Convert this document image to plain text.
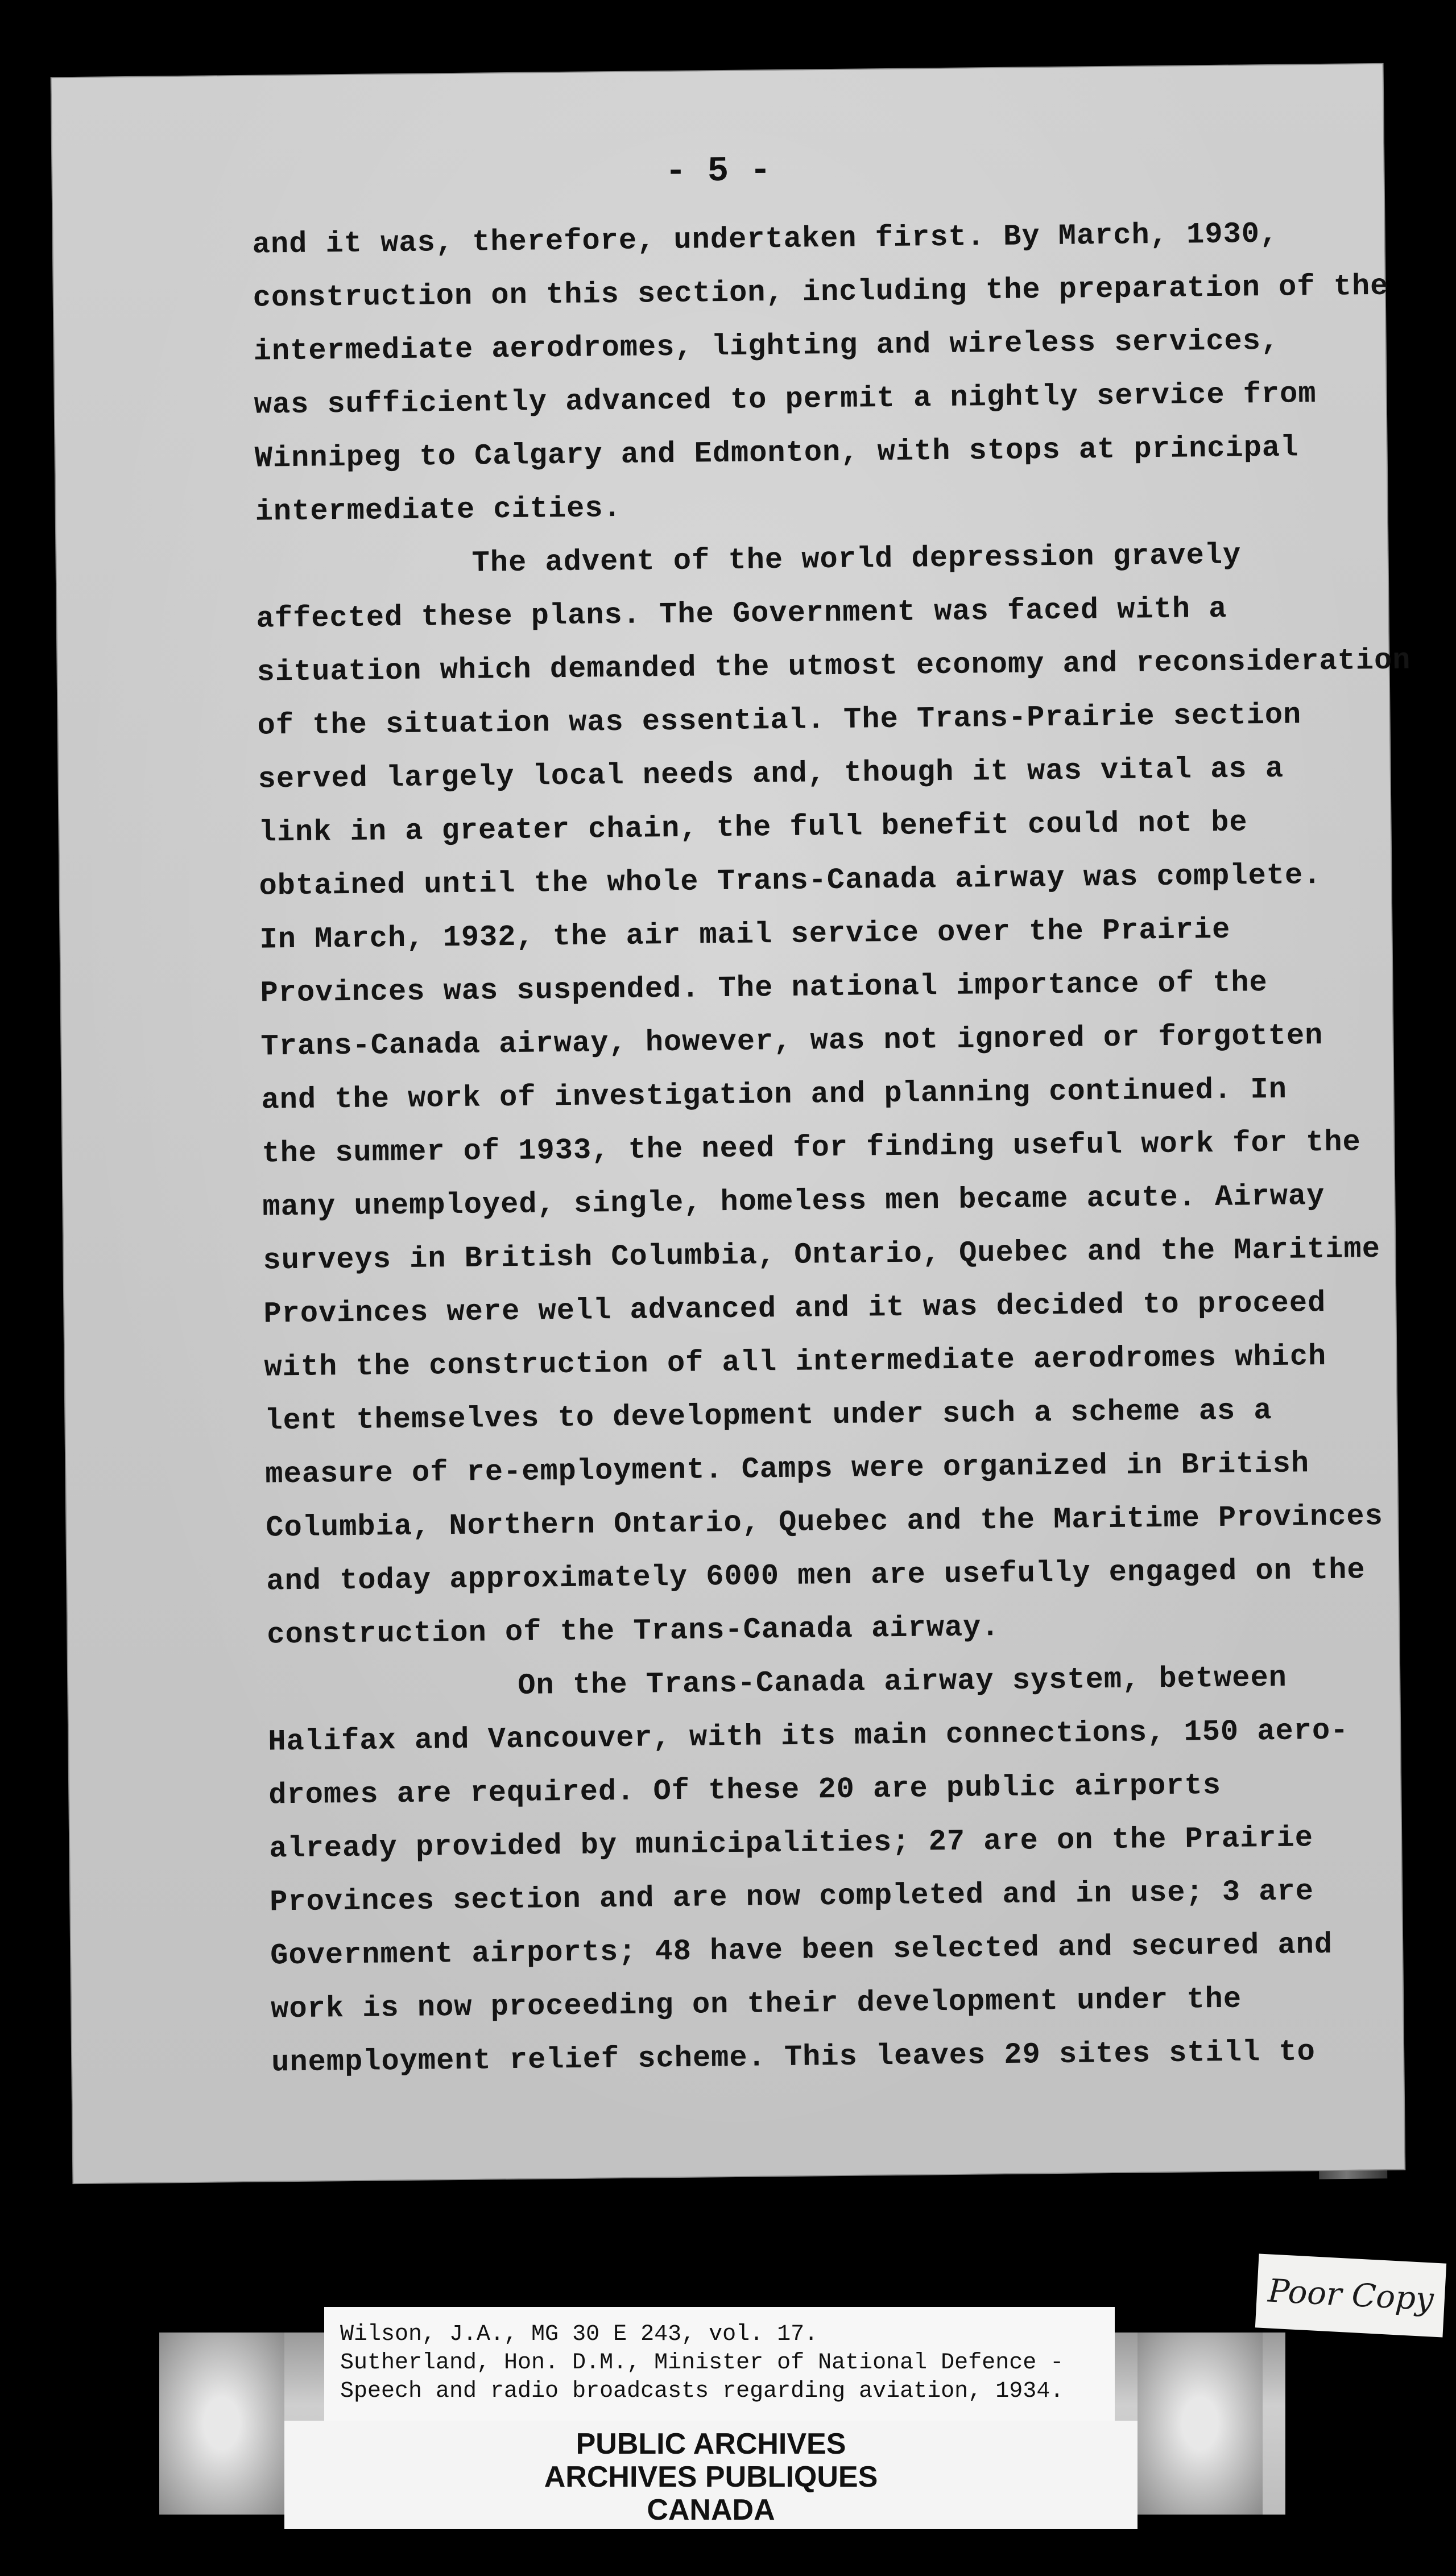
- 5 -
and it was, therefore, undertaken first. By March, 1930,
construction on this section, including the preparation of the
intermediate aerodromes, lighting and wireless services,
was sufficiently advanced to permit a nightly service from
Winnipeg to Calgary and Edmonton, with stops at principal
intermediate cities.
The advent of the world depression gravely
affected these plans. The Government was faced with a
situation which demanded the utmost economy and reconsideration
of the situation was essential. The Trans-Prairie section
served largely local needs and, though it was vital as a
link in a greater chain, the full benefit could not be
obtained until the whole Trans-Canada airway was complete.
In March, 1932, the air mail service over the Prairie
Provinces was suspended. The national importance of the
Trans-Canada airway, however, was not ignored or forgotten
and the work of investigation and planning continued. In
the summer of 1933, the need for finding useful work for the
many unemployed, single, homeless men became acute. Airway
surveys in British Columbia, Ontario, Quebec and the Maritime
Provinces were well advanced and it was decided to proceed
with the construction of all intermediate aerodromes which
lent themselves to development under such a scheme as a
measure of re-employment. Camps were organized in British
Columbia, Northern Ontario, Quebec and the Maritime Provinces
and today approximately 6000 men are usefully engaged on the
construction of the Trans-Canada airway.
On the Trans-Canada airway system, between
Halifax and Vancouver, with its main connections, 150 aero-
dromes are required. Of these 20 are public airports
already provided by municipalities; 27 are on the Prairie
Provinces section and are now completed and in use; 3 are
Government airports; 48 have been selected and secured and
work is now proceeding on their development under the
unemployment relief scheme. This leaves 29 sites still to
Poor Copy
Wilson, J.A., MG 30 E 243, vol. 17.
Sutherland, Hon. D.M., Minister of National Defence -
Speech and radio broadcasts regarding aviation, 1934.
PUBLIC ARCHIVES
ARCHIVES PUBLIQUES
CANADA
